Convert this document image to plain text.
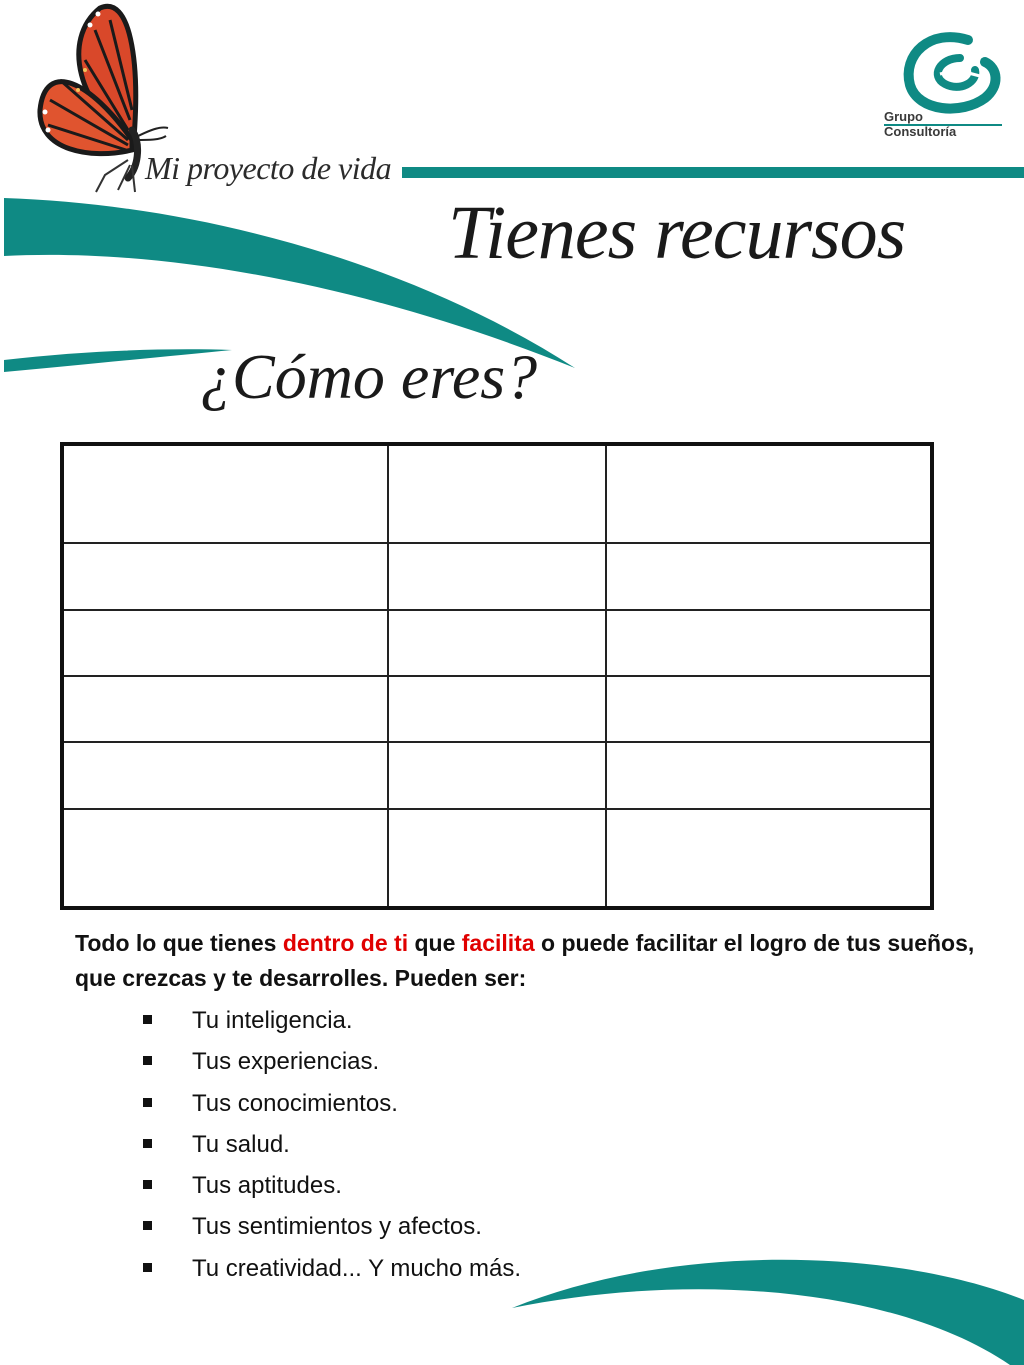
Mi proyecto de vida
Grupo
Consultoría
Tienes recursos
¿Cómo eres?

Todo lo que tienes dentro de ti que facilita o puede facilitar el logro de tus sueños, que crezcas y te desarrolles. Pueden ser:
Tu inteligencia.
Tus experiencias.
Tus conocimientos.
Tu salud.
Tus aptitudes.
Tus sentimientos y afectos.
Tu creatividad... Y mucho más.
